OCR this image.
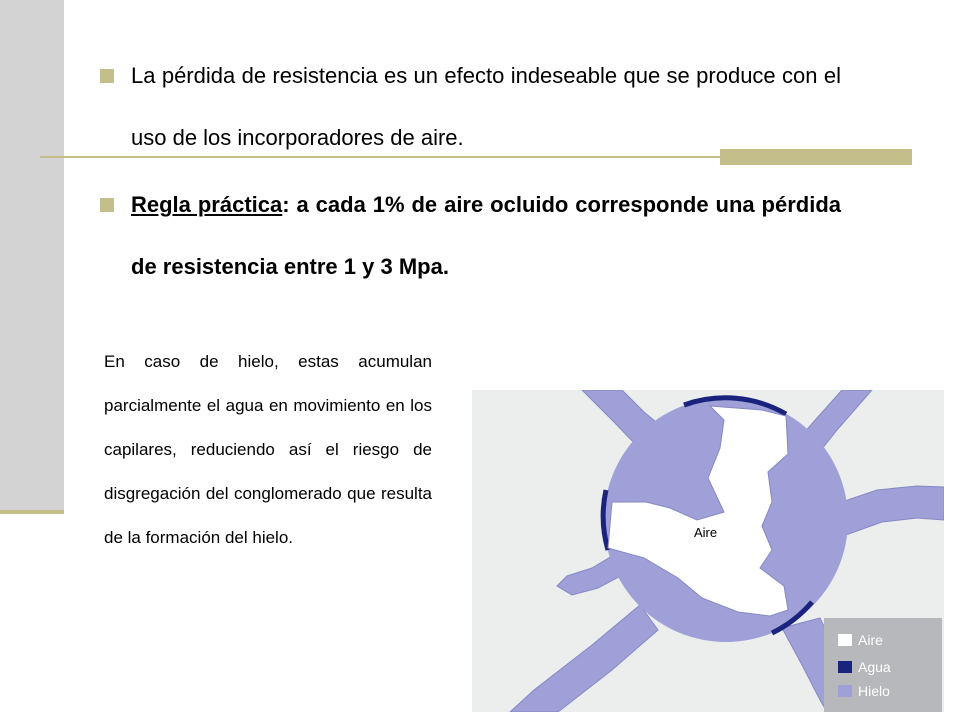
La pérdida de resistencia es un efecto indeseable que se produce con el uso de los incorporadores de aire.
Regla práctica: a cada 1% de aire ocluido corresponde una pérdida de resistencia entre 1 y 3 Mpa.
En caso de hielo, estas acumulan parcialmente el agua en movimiento en los capilares, reduciendo así el riesgo de disgregación del conglomerado que resulta de la formación del hielo.	Aire
Aire
Agua
Hielo
